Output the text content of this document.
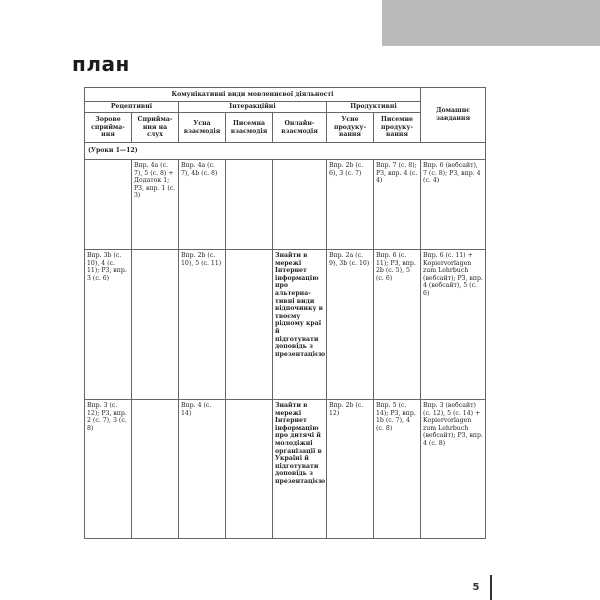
план
Комунікативні види мовленнєвої діяльності							Домашнє завдання
Рецептивні		Інтеракційні			Продуктивні		
Зорове сприйма-ння	Сприйма-ння на слух	Усна взаємодія	Писемна взаємодія	Онлайн-взаємодія	Усне продуку-вання	Писемне продуку-вання	
(Уроки 1—12)							
	Впр. 4а (с. 7), 5 (с. 8) + Додаток 1; РЗ, впр. 1 (с. 3)	Впр. 4а (с. 7), 4b (с. 8)			Впр. 2b (с. 6), 3 (с. 7)	Впр. 7 (с. 8); РЗ, впр. 4 (с. 4)	Впр. 6 (вебсайт), 7 (с. 8); РЗ, впр. 4 (с. 4)
Впр. 3b (с. 10), 4 (с. 11); РЗ, впр. 3 (с. 6)		Впр. 2b (с. 10), 5 (с. 11)		Знайти в мережі Інтернет інформацію про альтерна-тивні види відпочинку в твоєму рідному краї й підготувати доповідь з презентацією	Впр. 2a (с. 9), 3b (с. 10)	Впр. 6 (с. 11); РЗ, впр. 2b (с. 5), 5 (с. 6)	Впр. 6 (с. 11) + Kopiervorlagen zum Lehrbuch (вебсайт); РЗ, впр. 4 (вебсайт), 5 (с. 6)
Впр. 3 (с. 12); РЗ, впр. 2 (с. 7), 3 (с. 8)		Впр. 4 (с. 14)		Знайти в мережі Інтернет інформацію про дитячі й молодіжні організації в Україні й підготувати доповідь з презентацією	Впр. 2b (с. 12)	Впр. 5 (с. 14); РЗ, впр. 1b (с. 7), 4 (с. 8)	Впр. 3 (вебсайт) (с. 12), 5 (с. 14) + Kopiervorlagen zum Lehrbuch (вебсайт); РЗ, впр. 4 (с. 8)
5
